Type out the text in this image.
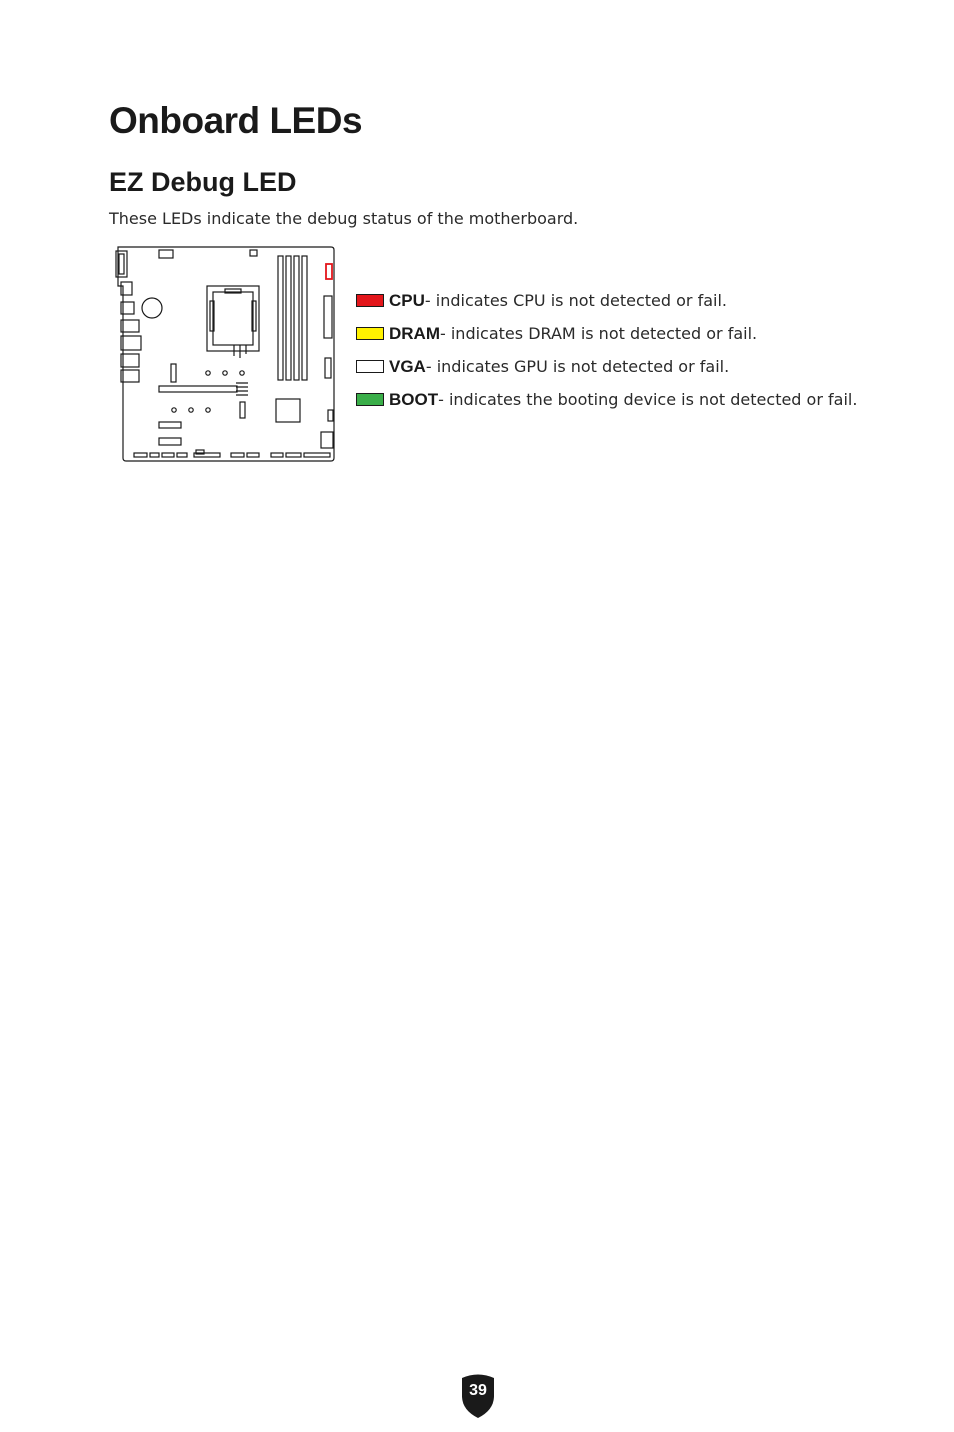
Onboard LEDs
EZ Debug LED

These LEDs indicate the debug status of the motherboard.

CPU - indicates CPU is not detected or fail.
DRAM - indicates DRAM is not detected or fail.
VGA - indicates GPU is not detected or fail.
BOOT - indicates the booting device is not detected or fail.
39
